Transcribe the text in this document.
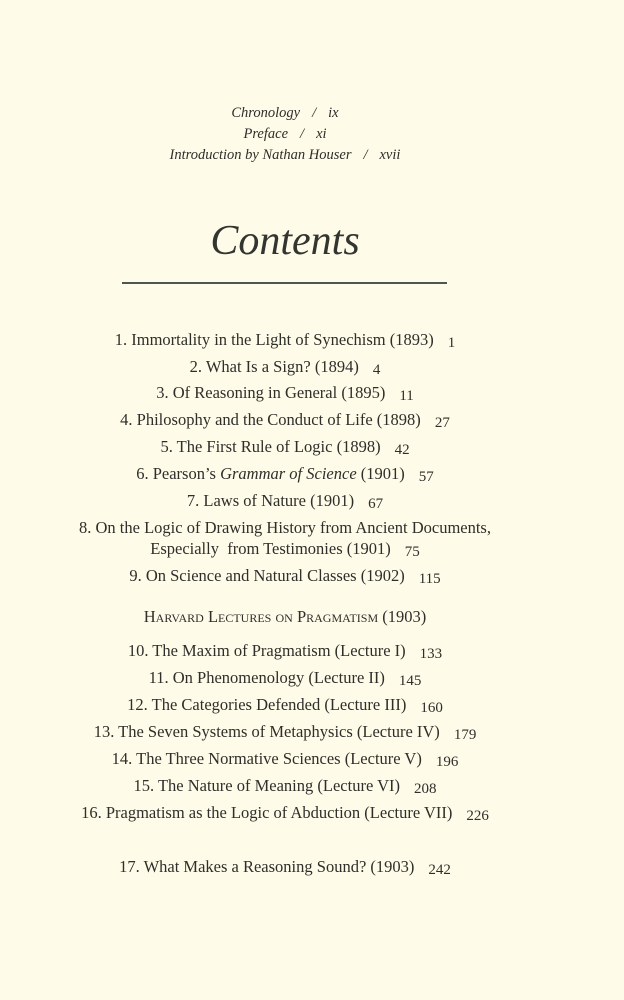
Chronology / ix
Preface / xi
Introduction by Nathan Houser / xvii
Contents
1. Immortality in the Light of Synechism (1893) 1
2. What Is a Sign? (1894) 4
3. Of Reasoning in General (1895) 11
4. Philosophy and the Conduct of Life (1898) 27
5. The First Rule of Logic (1898) 42
6. Pearson’s Grammar of Science (1901) 57
7. Laws of Nature (1901) 67
8. On the Logic of Drawing History from Ancient Documents,
Especially  from Testimonies (1901) 75
9. On Science and Natural Classes (1902) 115
Harvard Lectures on Pragmatism (1903)
10. The Maxim of Pragmatism (Lecture I) 133
11. On Phenomenology (Lecture II) 145
12. The Categories Defended (Lecture III) 160
13. The Seven Systems of Metaphysics (Lecture IV) 179
14. The Three Normative Sciences (Lecture V) 196
15. The Nature of Meaning (Lecture VI) 208
16. Pragmatism as the Logic of Abduction (Lecture VII) 226
17. What Makes a Reasoning Sound? (1903) 242
